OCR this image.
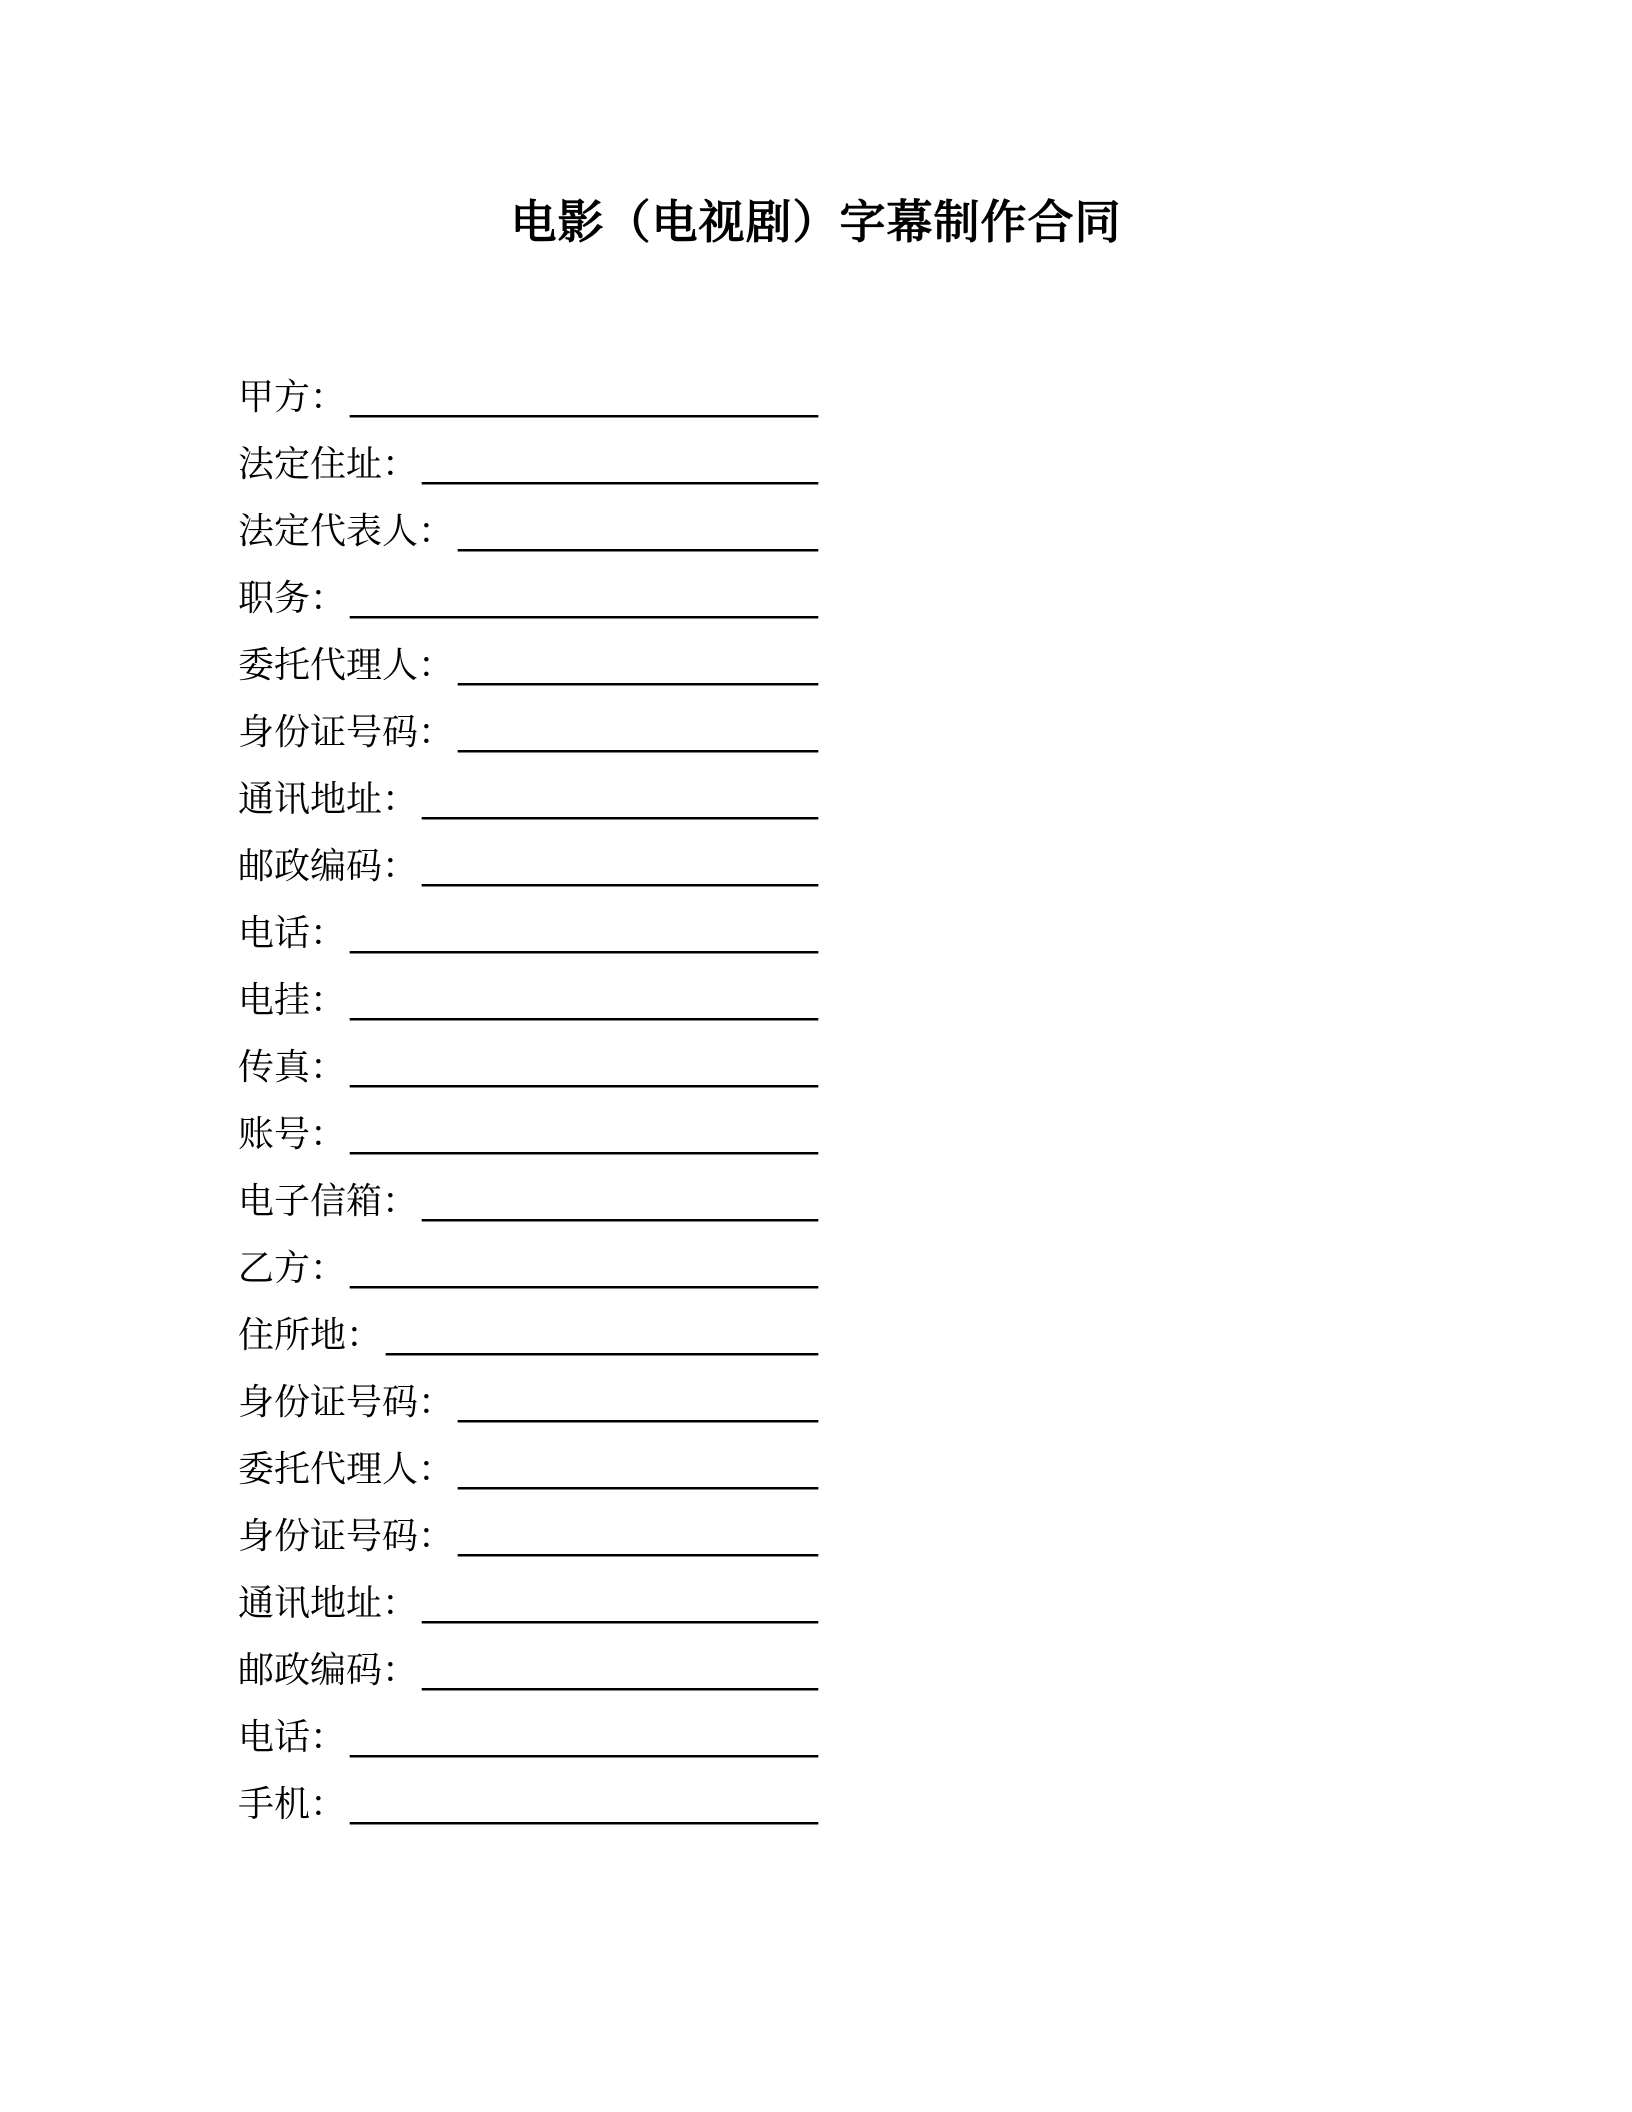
电影（电视剧）字幕制作合同
甲方： __________________________
法定住址： ______________________
法定代表人： ____________________
职务： __________________________
委托代理人： ____________________
身份证号码： ____________________
通讯地址： ______________________
邮政编码： ______________________
电话： __________________________
电挂： __________________________
传真： __________________________
账号： __________________________
电子信箱： ______________________
乙方： __________________________
住所地： ________________________
身份证号码： ____________________
委托代理人： ____________________
身份证号码： ____________________
通讯地址： ______________________
邮政编码： ______________________
电话： __________________________
手机： __________________________
